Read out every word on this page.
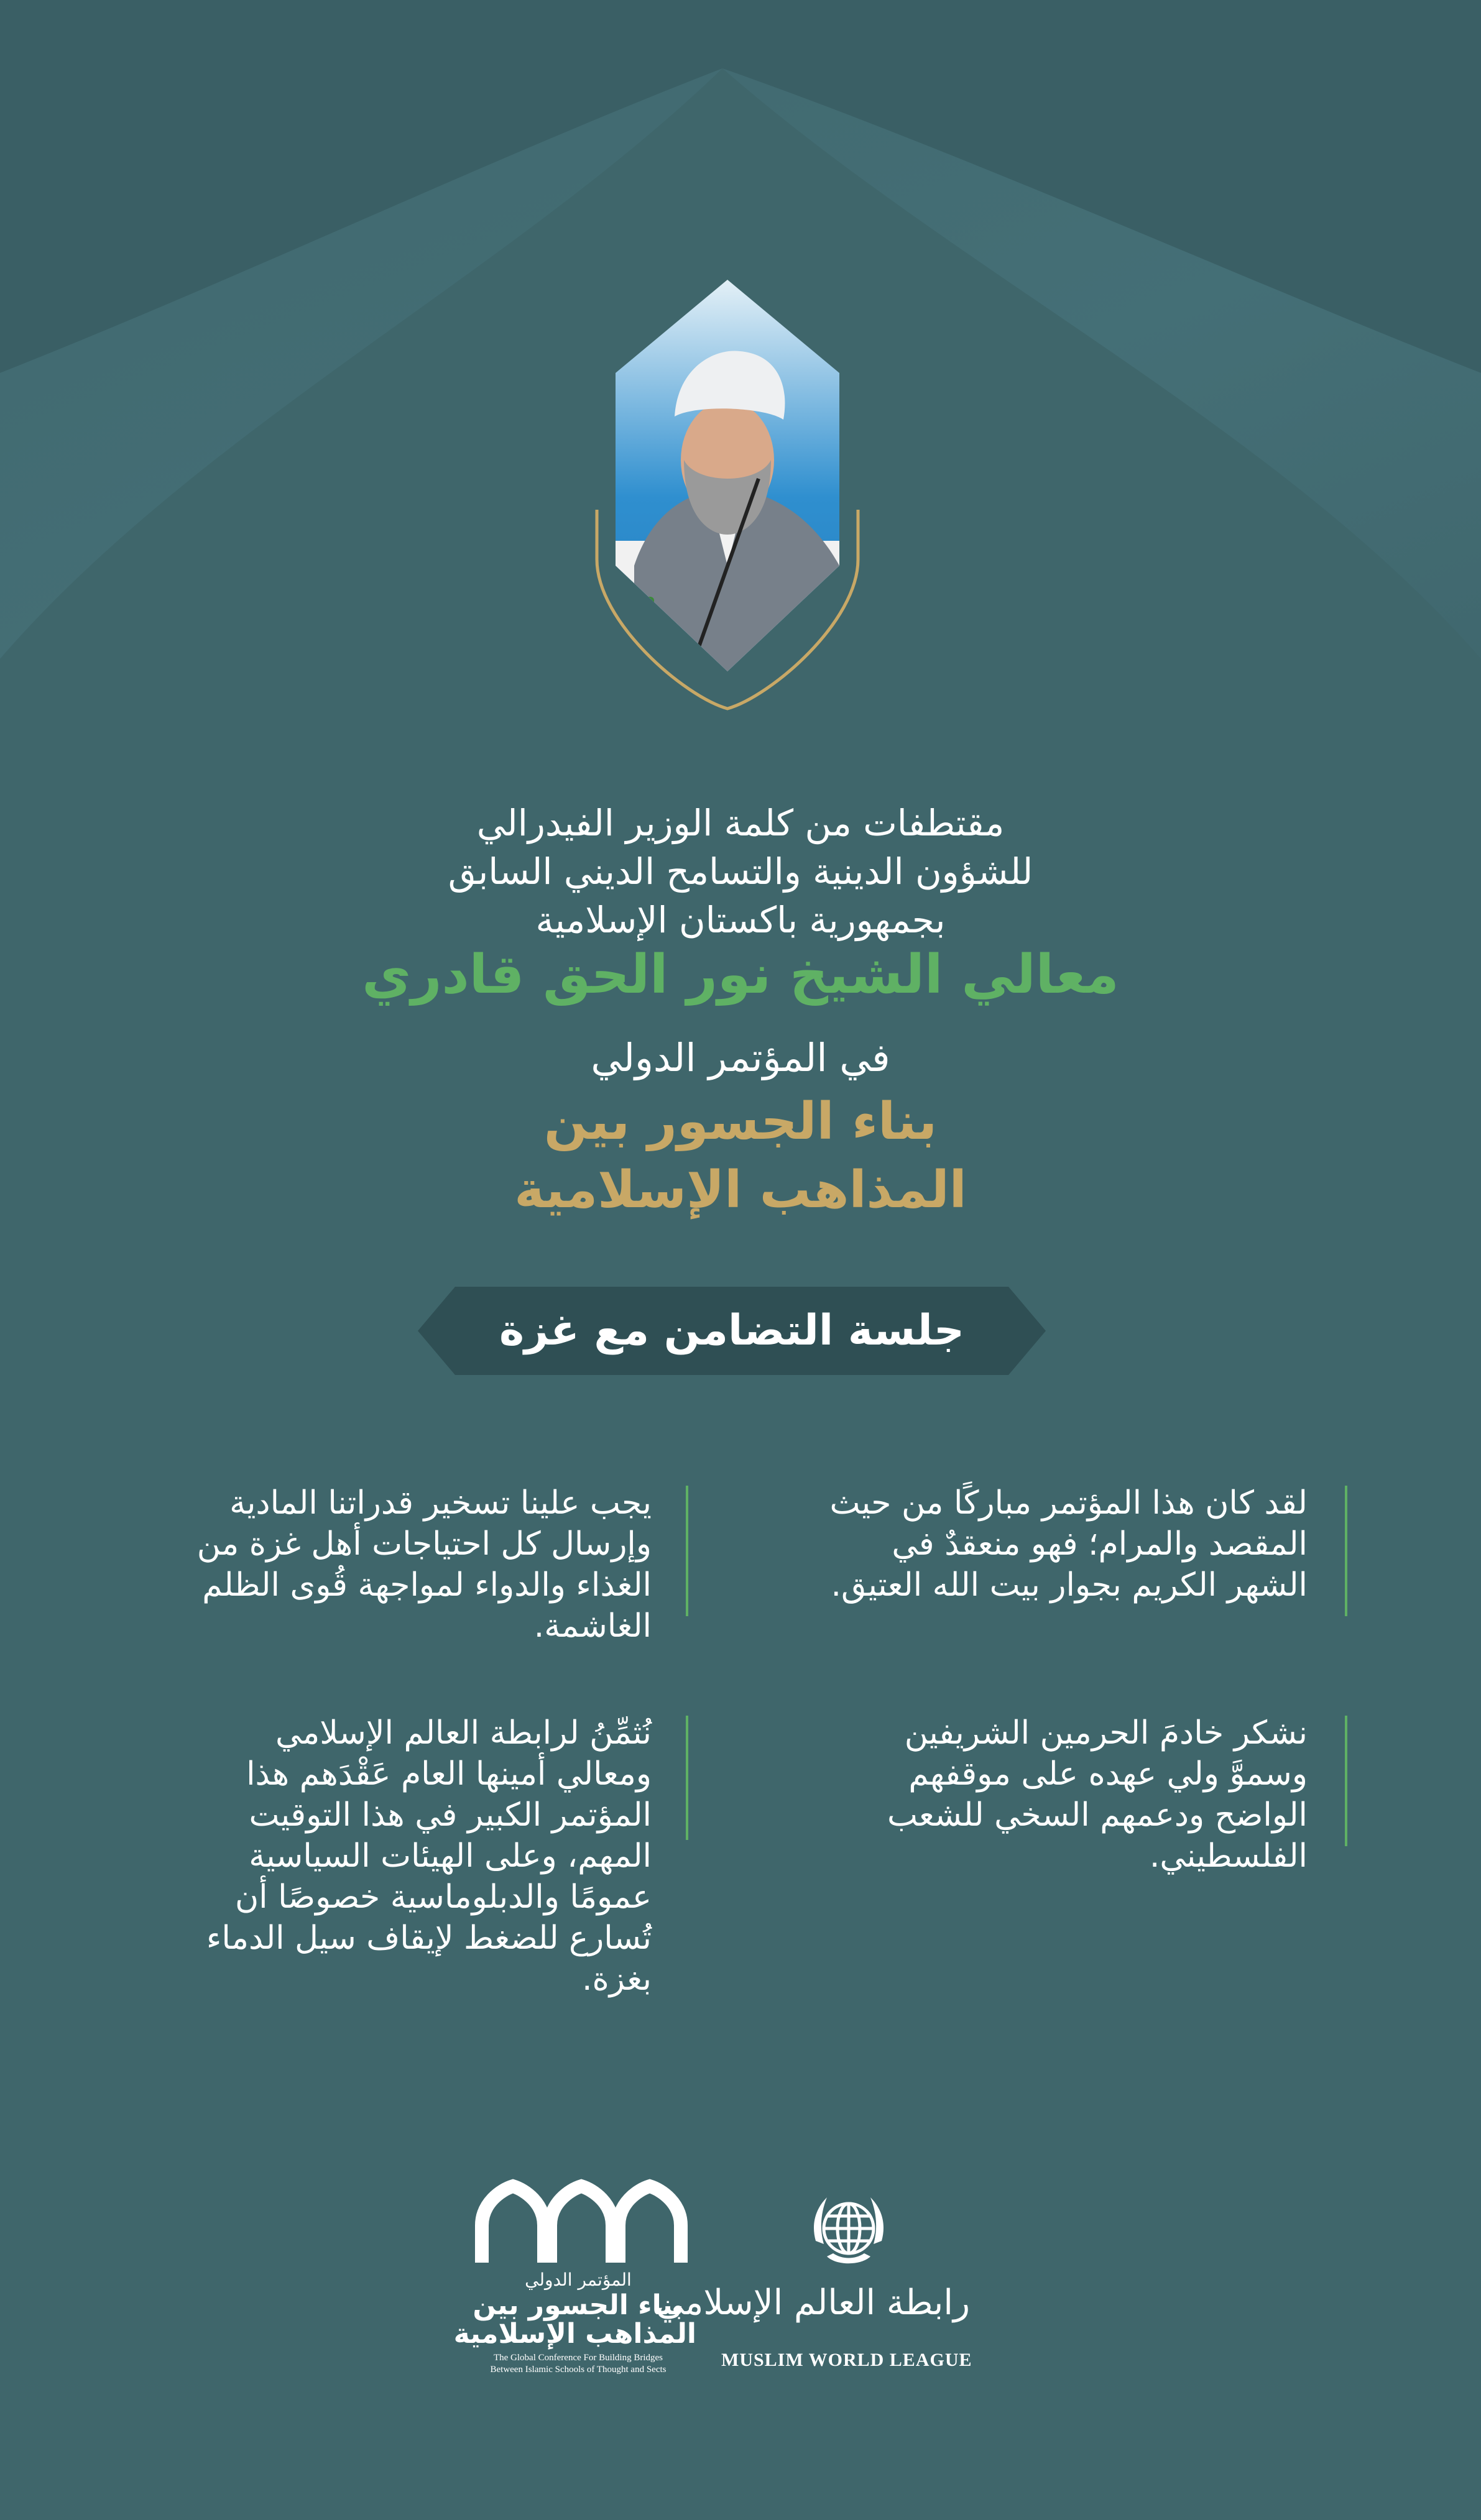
مقتطفات من كلمة الوزير الفيدرالي
للشؤون الدينية والتسامح الديني السابق
بجمهورية باكستان الإسلامية
معالي الشيخ نور الحق قادري
في المؤتمر الدولي
بناء الجسور بين
المذاهب الإسلامية
جلسة التضامن مع غزة
لقد كان هذا المؤتمر مباركًا من حيث
المقصد والمرام؛ فهو منعقدٌ في
الشهر الكريم بجوار بيت الله العتيق.
يجب علينا تسخير قدراتنا المادية
وإرسال كل احتياجات أهل غزة من
الغذاء والدواء لمواجهة قُوى الظلم
الغاشمة.
نشكر خادمَ الحرمين الشريفين
وسموَّ ولي عهده على موقفهم
الواضح ودعمهم السخي للشعب
الفلسطيني.
نُثمِّنُ لرابطة العالم الإسلامي
ومعالي أمينها العام عَقْدَهم هذا
المؤتمر الكبير في هذا التوقيت
المهم، وعلى الهيئات السياسية
عمومًا والدبلوماسية خصوصًا أن
تُسارع للضغط لإيقاف سيل الدماء
بغزة.
المؤتمر الدولي
بناء الجسور بين
المذاهب الإسلامية
The Global Conference For Building Bridges
Between Islamic Schools of Thought and Sects
رابطة العالم الإسلامي
MUSLIM WORLD LEAGUE
